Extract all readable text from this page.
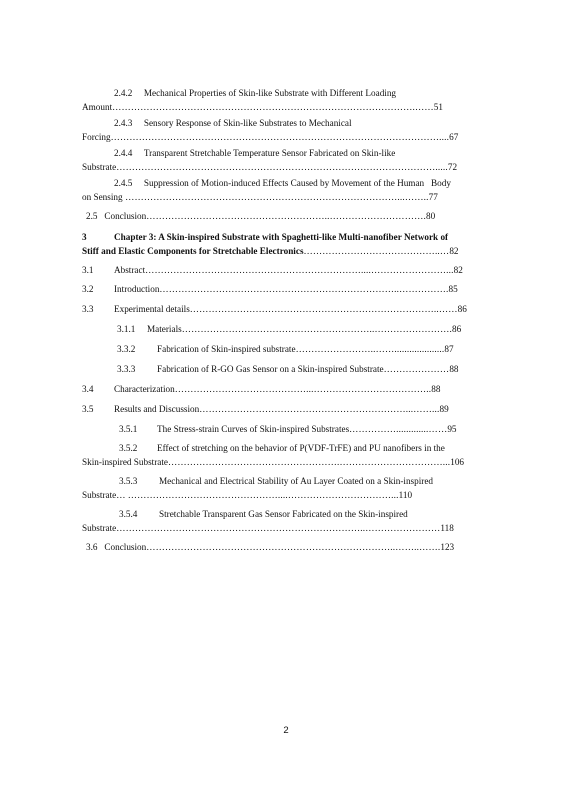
2.4.2 Mechanical Properties of Skin-like Substrate with Different Loading
Amount…………………………………………………………………………………….……51
2.4.3 Sensory Response of Skin-like Substrates to Mechanical
Forcing……………………………………………………………………………………………....67
2.4.4 Transparent Stretchable Temperature Sensor Fabricated on Skin-like
Substrate………………………………………………………………………………………….....72
2.4.5 Suppression of Motion-induced Effects Caused by Movement of the Human   Body
on Sensing ……………………………………………………………………………...……..77
2.5 Conclusion…………………………………………………..………………………….80
3	Chapter 3: A Skin-inspired Substrate with Spaghetti-like Multi-nanofiber Network of
Stiff and Elastic Components for Stretchable Electronics……………………………………..…82
3.1 Abstract……………………………………………………………....……………………...82
3.2 Introduction…………………………………………………………………..…………….85
3.3 Experimental details……………………………………………………………………..……86
3.1.1 Materials……………………………………………………..…………………….86
3.3.2 Fabrication of Skin-inspired substrate……………………..……....................87
3.3.3 Fabrication of R-GO Gas Sensor on a Skin-inspired Substrate…………………88
3.4 Characterization……………………………………...………………………………..88
3.5 Results and Discussion…………………………………………………………...……...89
3.5.1 The Stress-strain Curves of Skin-inspired Substrates…………….............……95
3.5.2 Effect of stretching on the behavior of P(VDF-TrFE) and PU nanofibers in the
Skin-inspired Substrate……………………………………………….……………………………...106
3.5.3 Mechanical and Electrical Stability of Au Layer Coated on a Skin-inspired
Substrate… …………………………………………....……………………………...110
3.5.4 Stretchable Transparent Gas Sensor Fabricated on the Skin-inspired
Substrate……………………………………………………………………..……………………118
3.6 Conclusion……………………………………………………………………..……..…….123
2
